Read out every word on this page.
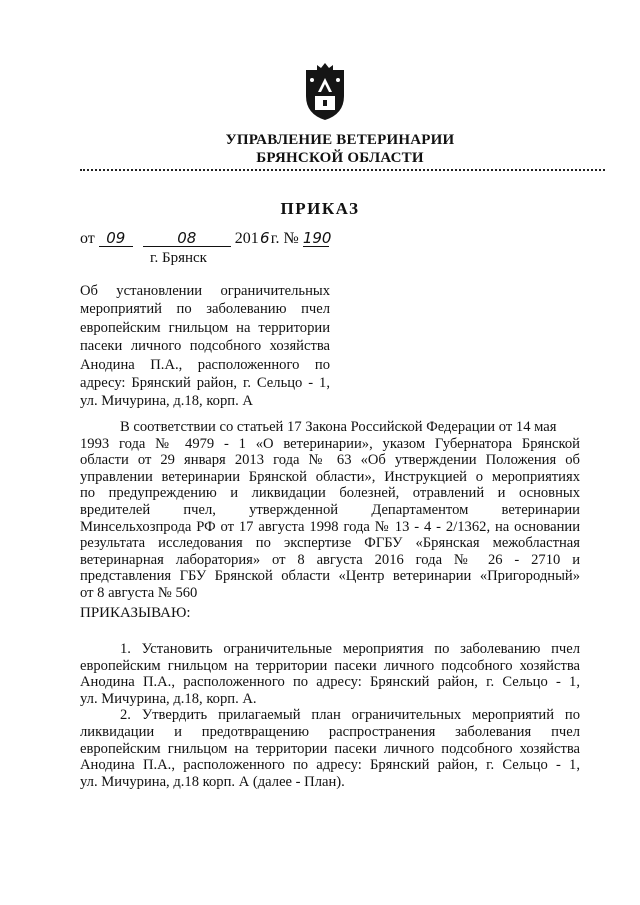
УПРАВЛЕНИЕ ВЕТЕРИНАРИИ
БРЯНСКОЙ ОБЛАСТИ
ПРИКАЗ
от 09	08 2016г. № 190
г. Брянск
Об установлении ограничительных
мероприятий по заболеванию пчел
европейским гнильцом на территории
пасеки личного подсобного хозяйства
Анодина П.А., расположенного по
адресу: Брянский район, г. Сельцо - 1,
ул. Мичурина, д.18, корп. А
В соответствии со статьей 17 Закона Российской Федерации от 14 мая
1993 года № 4979 - 1 «О ветеринарии», указом Губернатора Брянской
области от 29 января 2013 года № 63 «Об утверждении Положения об
управлении ветеринарии Брянской области», Инструкцией о мероприятиях
по предупреждению и ликвидации болезней, отравлений и основных
вредителей пчел, утвержденной Департаментом ветеринарии
Минсельхозпрода РФ от 17 августа 1998 года № 13 - 4 - 2/1362, на основании
результата исследования по экспертизе ФГБУ «Брянская межобластная
ветеринарная лаборатория» от 8 августа 2016 года № 26 - 2710 и
представления ГБУ Брянской области «Центр ветеринарии «Пригородный»
от 8 августа № 560
ПРИКАЗЫВАЮ:
1. Установить ограничительные мероприятия по заболеванию пчел
европейским гнильцом на территории пасеки личного подсобного хозяйства
Анодина П.А., расположенного по адресу: Брянский район, г. Сельцо - 1,
ул. Мичурина, д.18, корп. А.
2. Утвердить прилагаемый план ограничительных мероприятий по
ликвидации и предотвращению распространения заболевания пчел
европейским гнильцом на территории пасеки личного подсобного хозяйства
Анодина П.А., расположенного по адресу: Брянский район, г. Сельцо - 1,
ул. Мичурина, д.18 корп. А (далее - План).
